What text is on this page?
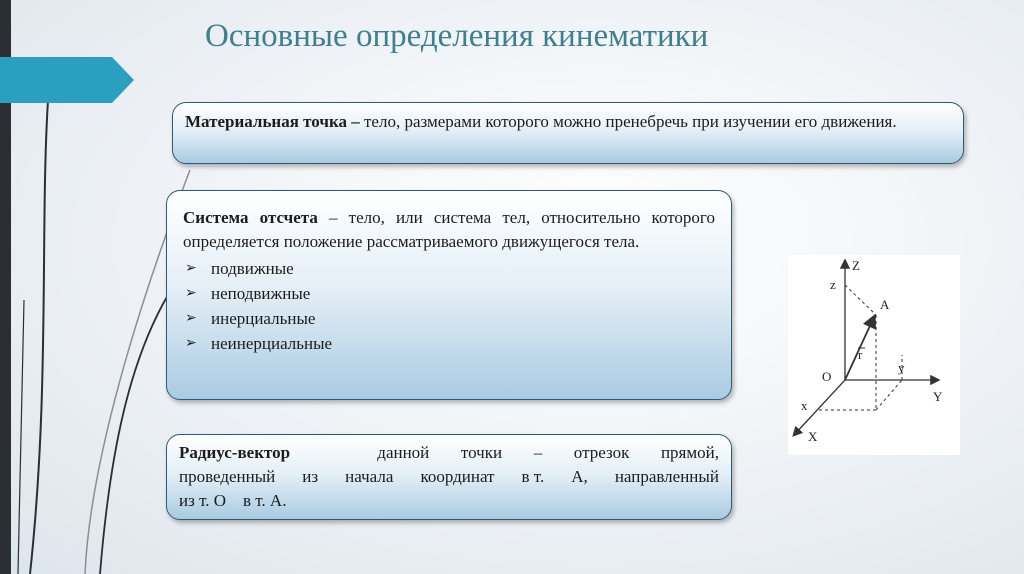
Основные определения кинематики
Материальная точка – тело, размерами которого можно пренебречь при изучении его движения.
Система отсчета – тело, или система тел, относительно которого определяется положение рассматриваемого движущегося тела.
➢ подвижные
➢ неподвижные
➢ инерциальные
➢ неинерциальные
Радиус-вектор	данной точки – отрезок прямой,
проведенный из начала координат в т. А, направленный
из т. О    в т. А.
Z
z
A
r
y
O
Y
x
X
